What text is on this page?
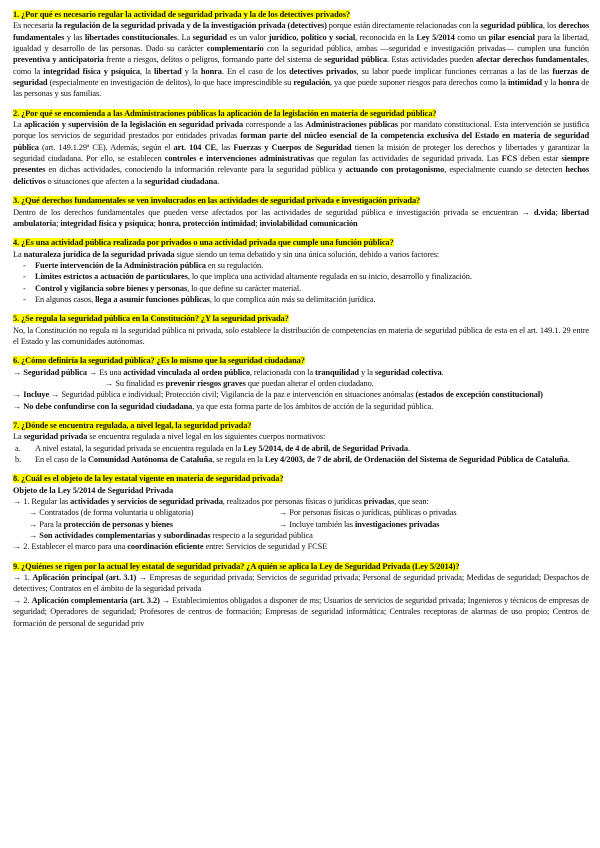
1. ¿Por qué es necesario regular la actividad de seguridad privada y la de los detectives privados?

Es necesaria la regulación de la seguridad privada y de la investigación privada (detectives) porque están directamente relacionadas con la seguridad pública, los derechos fundamentales y las libertades constitucionales. La seguridad es un valor jurídico, político y social, reconocida en la Ley 5/2014 como un pilar esencial para la libertad, igualdad y desarrollo de las personas. Dado su carácter complementario con la seguridad pública, ambas —seguridad e investigación privadas— cumplen una función preventiva y anticipatoria frente a riesgos, delitos o peligros, formando parte del sistema de seguridad pública. Estas actividades pueden afectar derechos fundamentales, como la integridad física y psíquica, la libertad y la honra. En el caso de los detectives privados, su labor puede implicar funciones cercanas a las de las fuerzas de seguridad (especialmente en investigación de delitos), lo que hace imprescindible su regulación, ya que puede suponer riesgos para derechos como la intimidad y la honra de las personas y sus familias.

2. ¿Por qué se encomienda a las Administraciones públicas la aplicación de la legislación en materia de seguridad pública?

La aplicación y supervisión de la legislación en seguridad privada corresponde a las Administraciones públicas por mandato constitucional. Esta intervención se justifica porque los servicios de seguridad prestados por entidades privadas forman parte del núcleo esencial de la competencia exclusiva del Estado en materia de seguridad pública (art. 149.1.29ª CE). Además, según el art. 104 CE, las Fuerzas y Cuerpos de Seguridad tienen la misión de proteger los derechos y libertades y garantizar la seguridad ciudadana. Por ello, se establecen controles e intervenciones administrativas que regulan las actividades de seguridad privada. Las FCS deben estar siempre presentes en dichas actividades, conociendo la información relevante para la seguridad pública y actuando con protagonismo, especialmente cuando se detecten hechos delictivos o situaciones que afecten a la seguridad ciudadana.

3. ¿Qué derechos fundamentales se ven involucrados en las actividades de seguridad privada e investigación privada?

Dentro de los derechos fundamentales que pueden verse afectados por las actividades de seguridad pública e investigación privada se encuentran → d.vida; libertad ambulatoria; integridad física y psíquica; honra, protección intimidad; inviolabilidad comunicación

4. ¿Es una actividad pública realizada por privados o una actividad privada que cumple una función pública?

La naturaleza jurídica de la seguridad privada sigue siendo un tema debatido y sin una única solución, debido a varios factores:

- Fuerte intervención de la Administración pública en su regulación.
- Límites estrictos a actuación de particulares, lo que implica una actividad altamente regulada en su inicio, desarrollo y finalización.
- Control y vigilancia sobre bienes y personas, lo que define su carácter material.
- En algunos casos, llega a asumir funciones públicas, lo que complica aún más su delimitación jurídica.
5. ¿Se regula la seguridad pública en la Constitución? ¿Y la seguridad privada?

No, la Constitución no regula ni la seguridad pública ni privada, solo establece la distribución de competencias en materia de seguridad pública de esta en el art. 149.1. 29 entre el Estado y las comunidades autónomas.

6. ¿Cómo definiría la seguridad pública? ¿Es lo mismo que la seguridad ciudadana?

→ Seguridad pública → Es una actividad vinculada al orden público, relacionada con la tranquilidad y la seguridad colectiva.

→ Su finalidad es prevenir riesgos graves que puedan alterar el orden ciudadano.

→ Incluye → Seguridad pública e individual; Protección civil; Vigilancia de la paz e intervención en situaciones anómalas (estados de excepción constitucional)

→ No debe confundirse con la seguridad ciudadana, ya que esta forma parte de los ámbitos de acción de la seguridad pública.

7. ¿Dónde se encuentra regulada, a nivel legal, la seguridad privada?

La seguridad privada se encuentra regulada a nivel legal en los siguientes cuerpos normativos:

a.	A nivel estatal, la seguridad privada se encuentra regulada en la Ley 5/2014, de 4 de abril, de Seguridad Privada.
b.	En el caso de la Comunidad Autónoma de Cataluña, se regula en la Ley 4/2003, de 7 de abril, de Ordenación del Sistema de Seguridad Pública de Cataluña.
8. ¿Cuál es el objeto de la ley estatal vigente en materia de seguridad privada?
Objeto de la Ley 5/2014 de Seguridad Privada

→ 1. Regular las actividades y servicios de seguridad privada, realizados por personas físicas o jurídicas privadas, que sean:

→ Contratados (de forma voluntaria u obligatoria)	→ Por personas físicas o jurídicas, públicas o privadas
→ Para la protección de personas y bienes	→ Incluye también las investigaciones privadas

→ Son actividades complementarias y subordinadas respecto a la seguridad pública

→ 2. Establecer el marco para una coordinación eficiente entre: Servicios de seguridad y FCSE

9. ¿Quiénes se rigen por la actual ley estatal de seguridad privada? ¿A quién se aplica la Ley de Seguridad Privada (Ley 5/2014)?

→ 1. Aplicación principal (art. 3.1) → Empresas de seguridad privada; Servicios de seguridad privada; Personal de seguridad privada; Medidas de seguridad; Despachos de detectives; Contratos en el ámbito de la seguridad privada

→ 2. Aplicación complementaria (art. 3.2) → Establecimientos obligados a disponer de ms; Usuarios de servicios de seguridad privada; Ingenieros y técnicos de empresas de seguridad; Operadores de seguridad; Profesores de centros de formación; Empresas de seguridad informática; Centrales receptoras de alarmas de uso propio; Centros de formación de personal de seguridad priv
